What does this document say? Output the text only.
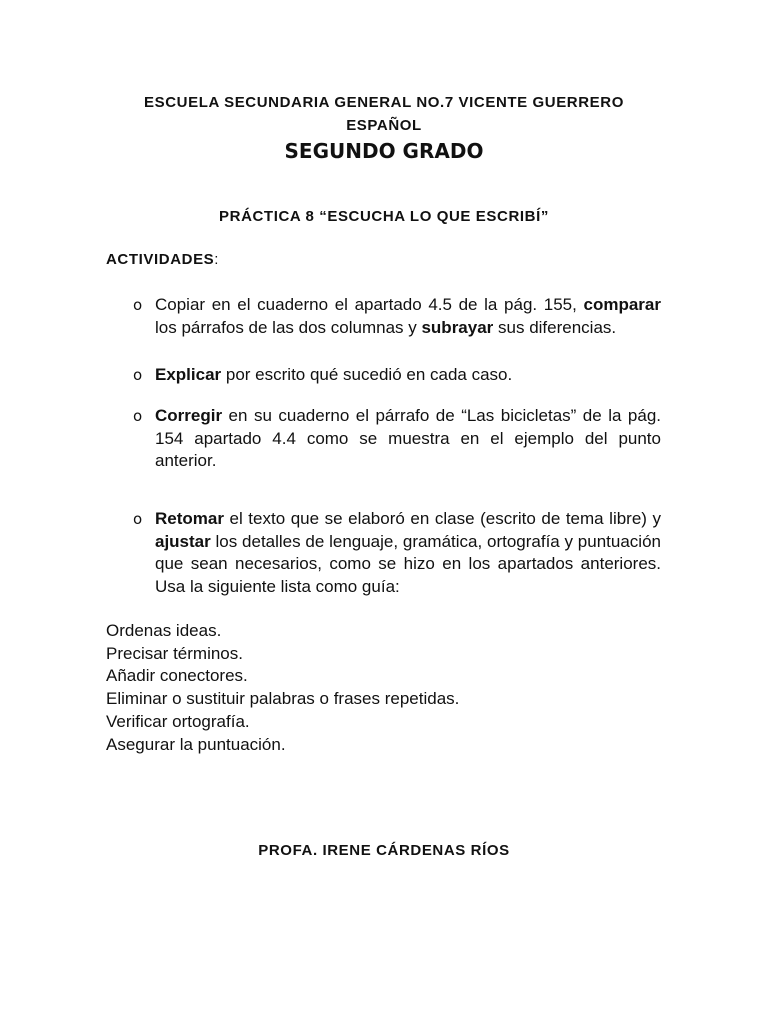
ESCUELA SECUNDARIA GENERAL NO.7 VICENTE GUERRERO
ESPAÑOL
SEGUNDO GRADO
PRÁCTICA 8 “ESCUCHA LO QUE ESCRIBÍ”
ACTIVIDADES:
o Copiar en el cuaderno el apartado 4.5 de la pág. 155, comparar los párrafos de las dos columnas y subrayar sus diferencias.
o Explicar por escrito qué sucedió en cada caso.
o Corregir en su cuaderno el párrafo de “Las bicicletas” de la pág. 154 apartado 4.4 como se muestra en el ejemplo del punto anterior.
o Retomar el texto que se elaboró en clase (escrito de tema libre) y ajustar los detalles de lenguaje, gramática, ortografía y puntuación que sean necesarios, como se hizo en los apartados anteriores. Usa la siguiente lista como guía:
Ordenas ideas.
Precisar términos.
Añadir conectores.
Eliminar o sustituir palabras o frases repetidas.
Verificar ortografía.
Asegurar la puntuación.
PROFA. IRENE CÁRDENAS RÍOS
